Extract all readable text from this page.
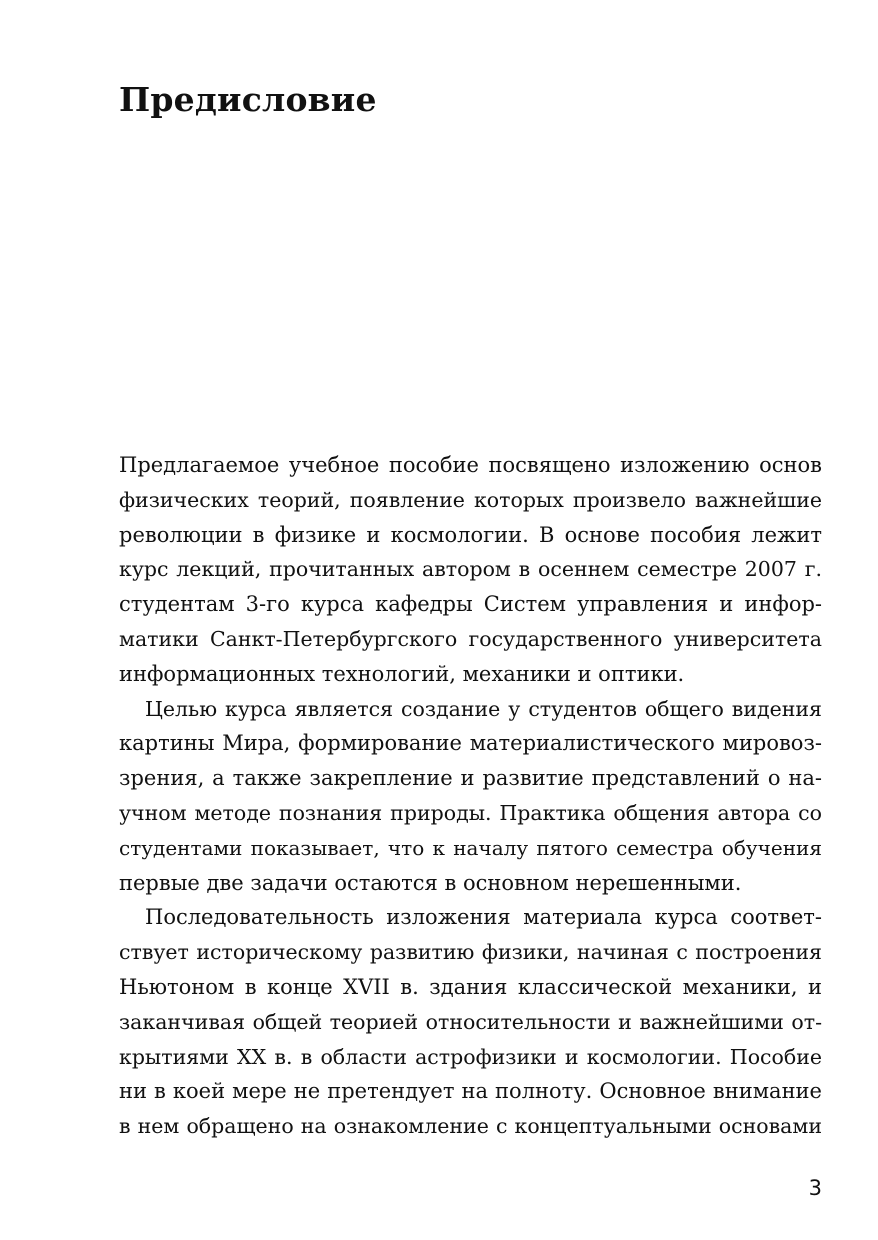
Предисловие
Предлагаемое учебное пособие посвящено изложению основ
физических теорий, появление которых произвело важнейшие
революции в физике и космологии. В основе пособия лежит
курс лекций, прочитанных автором в осеннем семестре 2007 г.
студентам 3-го курса кафедры Систем управления и инфор-
матики Санкт-Петербургского государственного университета
информационных технологий, механики и оптики.
Целью курса является создание у студентов общего видения
картины Мира, формирование материалистического мировоз-
зрения, а также закрепление и развитие представлений о на-
учном методе познания природы. Практика общения автора со
студентами показывает, что к началу пятого семестра обучения
первые две задачи остаются в основном нерешенными.
Последовательность изложения материала курса соответ-
ствует историческому развитию физики, начиная с построения
Ньютоном в конце XVII в. здания классической механики, и
заканчивая общей теорией относительности и важнейшими от-
крытиями XX в. в области астрофизики и космологии. Пособие
ни в коей мере не претендует на полноту. Основное внимание
в нем обращено на ознакомление с концептуальными основами
3
